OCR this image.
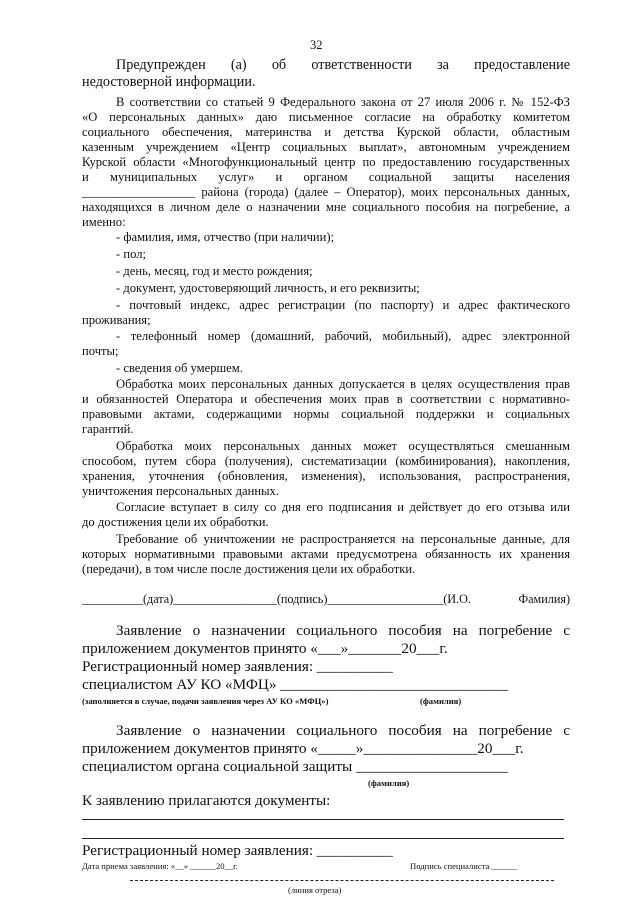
32
Предупрежден (а) об ответственности за предоставление
недостоверной информации.
В соответствии со статьей 9 Федерального закона от 27 июля 2006 г. № 152-ФЗ
«О персональных данных» даю письменное согласие на обработку комитетом
социального обеспечения, материнства и детства Курской области, областным
казенным учреждением «Центр социальных выплат», автономным учреждением
Курской области «Многофункциональный центр по предоставлению государственных
и муниципальных услуг» и органом социальной защиты населения
__________________ района (города) (далее – Оператор), моих персональных данных,
находящихся в личном деле о назначении мне социального пособия на погребение, а
именно:
- фамилия, имя, отчество (при наличии);
- пол;
- день, месяц, год и место рождения;
- документ, удостоверяющий личность, и его реквизиты;
- почтовый индекс, адрес регистрации (по паспорту) и адрес фактического
проживания;
- телефонный номер (домашний, рабочий, мобильный), адрес электронной
почты;
- сведения об умершем.
Обработка моих персональных данных допускается в целях осуществления прав
и обязанностей Оператора и обеспечения моих прав в соответствии с нормативно-
правовыми актами, содержащими нормы социальной поддержки и социальных
гарантий.
Обработка моих персональных данных может осуществляться смешанным
способом, путем сбора (получения), систематизации (комбинирования), накопления,
хранения, уточнения (обновления, изменения), использования, распространения,
уничтожения персональных данных.
Согласие вступает в силу со дня его подписания и действует до его отзыва или
до достижения цели их обработки.
Требование об уничтожении не распространяется на персональные данные, для
которых нормативными правовыми актами предусмотрена обязанность их хранения
(передачи), в том числе после достижения цели их обработки.
__________(дата)_________________(подпись)___________________(И.О. Фамилия)
Заявление о назначении социального пособия на погребение с
приложением документов принято «___»_______20___г.
Регистрационный номер заявления: __________
специалистом АУ КО «МФЦ» ______________________________
(заполняется в случае, подачи заявления через АУ КО «МФЦ»)	(фамилия)
Заявление о назначении социального пособия на погребение с
приложением документов принято «_____»_______________20___г.
специалистом органа социальной защиты ____________________
(фамилия)
К заявлению прилагаются документы:
Регистрационный номер заявления: __________
Дата приема заявления: «__» ______20__г.	Подпись специалиста ______
(линия отреза)
